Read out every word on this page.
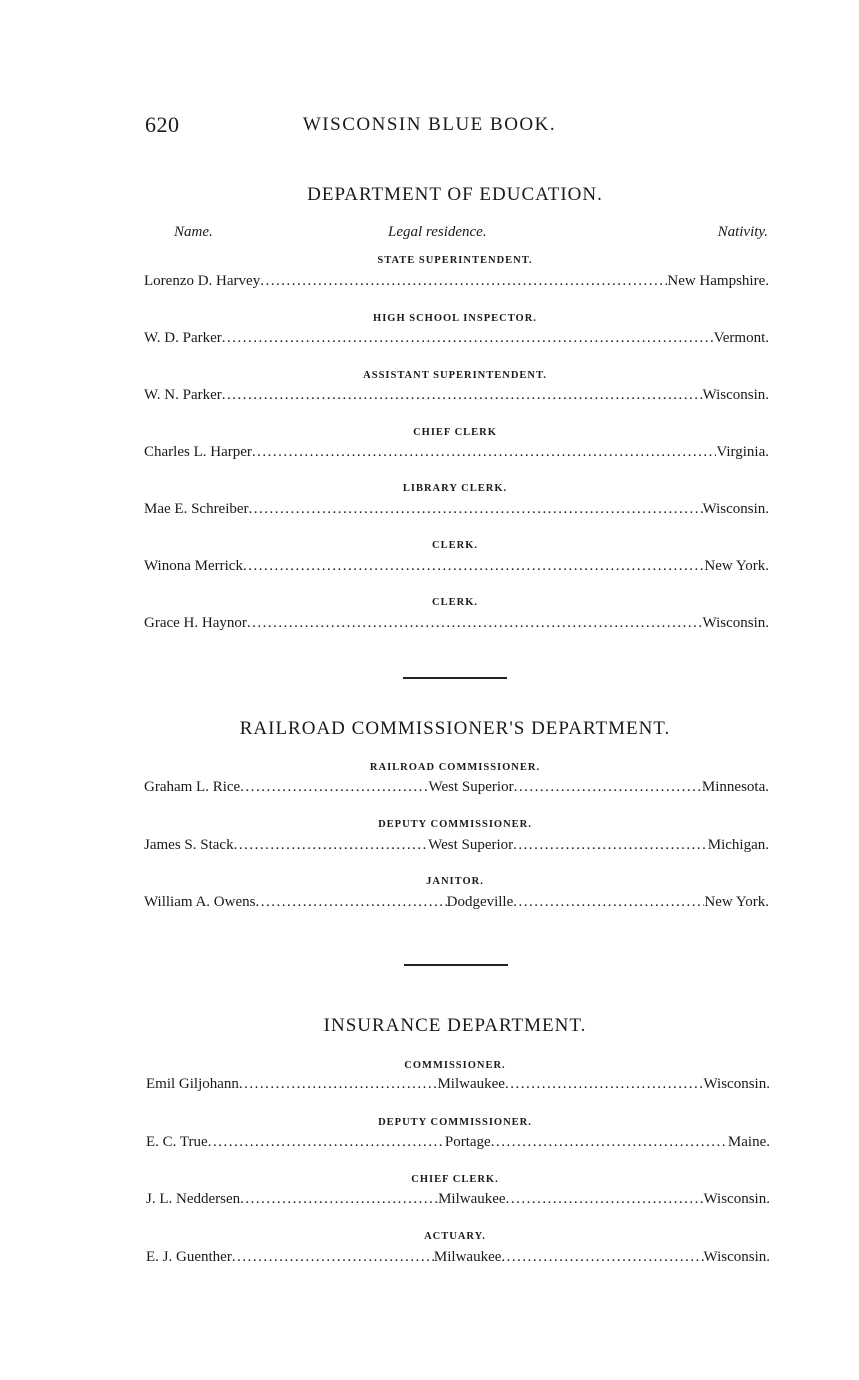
620	WISCONSIN BLUE BOOK.
DEPARTMENT OF EDUCATION.
Name.	Legal residence.	Nativity.
STATE SUPERINTENDENT.
Lorenzo D. Harvey .....	New Hampshire.
HIGH SCHOOL INSPECTOR.
W. D. Parker .....	Vermont.
ASSISTANT SUPERINTENDENT.
W. N. Parker .....	Wisconsin.
CHIEF CLERK
Charles L. Harper .....	Virginia.
LIBRARY CLERK.
Mae E. Schreiber .....	Wisconsin.
CLERK.
Winona Merrick .....	New York.
CLERK.
Grace H. Haynor .....	Wisconsin.
RAILROAD COMMISSIONER'S DEPARTMENT.
RAILROAD COMMISSIONER.
Graham L. Rice .....	West Superior .....	Minnesota.
DEPUTY COMMISSIONER.
James S. Stack .....	West Superior .....	Michigan.
JANITOR.
William A. Owens .....	Dodgeville .....	New York.
INSURANCE DEPARTMENT.
COMMISSIONER.
Emil Giljohann .....	Milwaukee .....	Wisconsin.
DEPUTY COMMISSIONER.
E. C. True .....	Portage .....	Maine.
CHIEF CLERK.
J. L. Neddersen .....	Milwaukee .....	Wisconsin.
ACTUARY.
E. J. Guenther .....	Milwaukee .....	Wisconsin.
